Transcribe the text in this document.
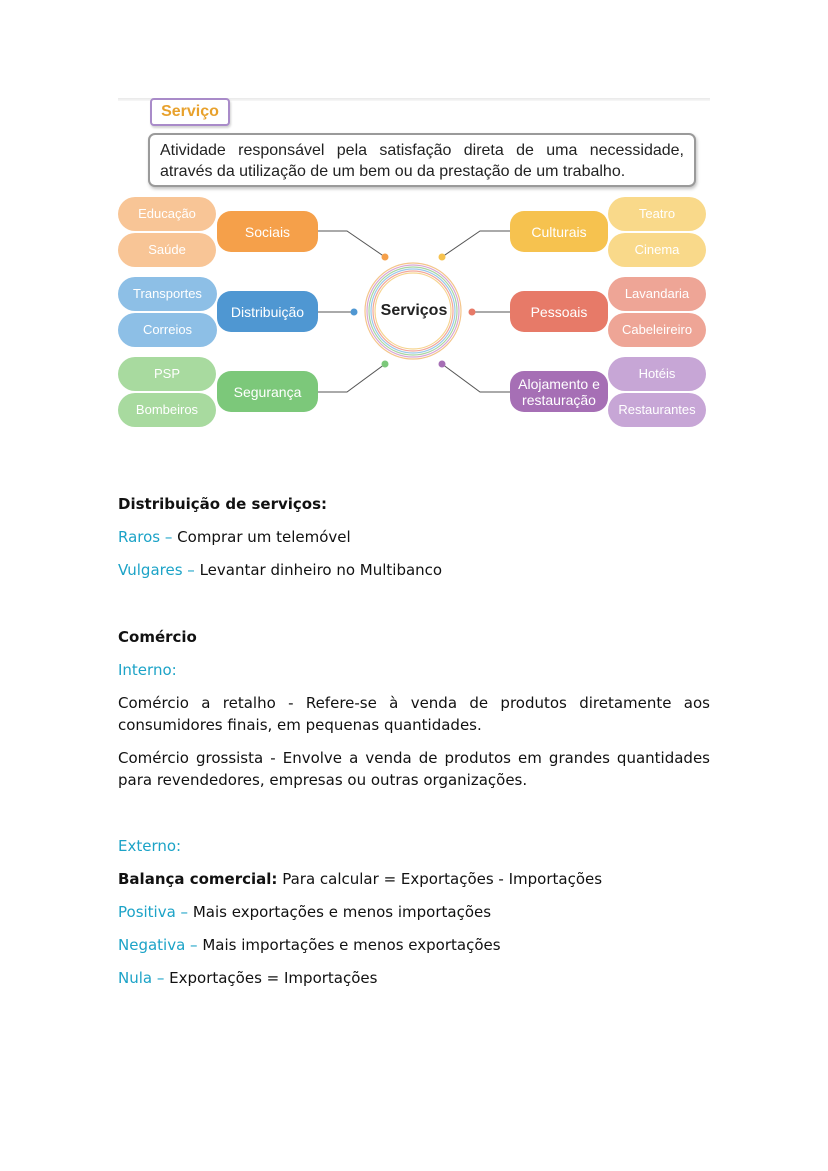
Serviço
Atividade responsável pela satisfação direta de uma necessidade, através da utilização de um bem ou da prestação de um trabalho.
Serviços
Educação
Saúde
Sociais
Transportes
Correios
Distribuição
PSP
Bombeiros
Segurança
Culturais
Teatro
Cinema
Pessoais
Lavandaria
Cabeleireiro
Alojamento e restauração
Hotéis
Restaurantes
Distribuição de serviços:
Raros – Comprar um telemóvel
Vulgares – Levantar dinheiro no Multibanco
Comércio
Interno:
Comércio a retalho - Refere-se à venda de produtos diretamente aos consumidores finais, em pequenas quantidades.
Comércio grossista - Envolve a venda de produtos em grandes quantidades para revendedores, empresas ou outras organizações.
Externo:
Balança comercial: Para calcular = Exportações - Importações
Positiva – Mais exportações e menos importações
Negativa – Mais importações e menos exportações
Nula – Exportações = Importações
